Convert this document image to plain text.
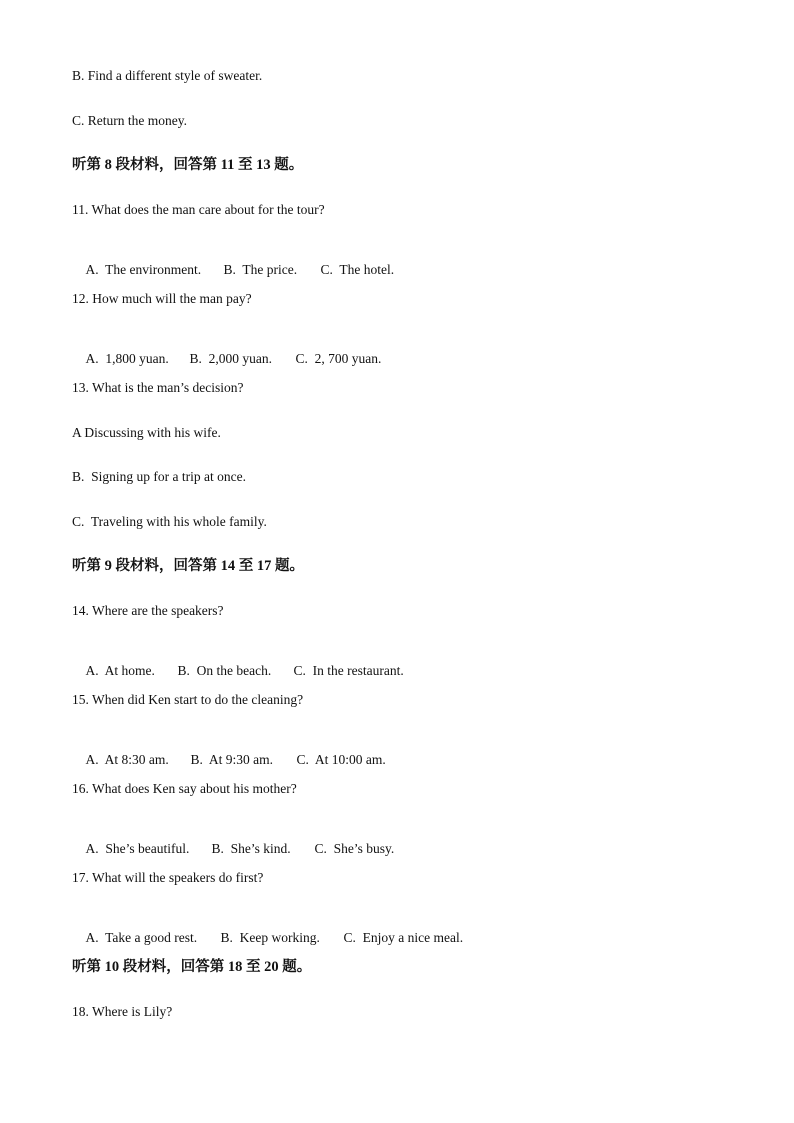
B. Find a different style of sweater.
C. Return the money.
听第 8 段材料，回答第 11 至 13 题。
11. What does the man care about for the tour?

A.  The environment. B.  The price. C.  The hotel.

12. How much will the man pay?

A.  1,800 yuan. B.  2,000 yuan. C.  2, 700 yuan.

13. What is the man’s decision?
A Discussing with his wife.
B.  Signing up for a trip at once.
C.  Traveling with his whole family.
听第 9 段材料，回答第 14 至 17 题。
14. Where are the speakers?

A.  At home. B.  On the beach. C.  In the restaurant.

15. When did Ken start to do the cleaning?

A.  At 8:30 am. B.  At 9:30 am. C.  At 10:00 am.

16. What does Ken say about his mother?

A.  She’s beautiful. B.  She’s kind. C.  She’s busy.

17. What will the speakers do first?

A.  Take a good rest. B.  Keep working. C.  Enjoy a nice meal.

听第 10 段材料，回答第 18 至 20 题。
18. Where is Lily?
